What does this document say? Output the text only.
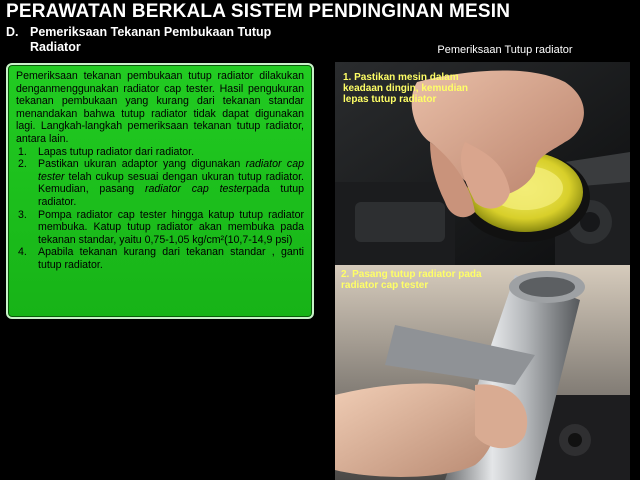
PERAWATAN BERKALA SISTEM PENDINGINAN MESIN
D. Pemeriksaan Tekanan Pembukaan Tutup Radiator	Pemeriksaan Tutup radiator

Pemeriksaan tekanan pembukaan tutup radiator dilakukan denganmenggunakan radiator cap tester. Hasil pengukuran tekanan pembukaan yang kurang dari tekanan standar menandakan bahwa tutup radiator tidak dapat digunakan lagi. Langkah-langkah pemeriksaan tekanan tutup radiator, antara lain.

1. Lapas tutup radiator dari radiator.
2. Pastikan ukuran adaptor yang digunakan radiator cap tester telah cukup sesuai dengan ukuran tutup radiator. Kemudian, pasang radiator cap testerpada tutup radiator.
3. Pompa radiator cap tester hingga katup tutup radiator membuka. Katup tutup radiator akan membuka pada tekanan standar, yaitu 0,75-1,05 kg/cm²(10,7-14,9 psi)
4. Apabila tekanan kurang dari tekanan standar , ganti tutup radiator.
1. Pastikan mesin dalam keadaan dingin, kemudian lepas tutup radiator
2. Pasang tutup radiator pada radiator cap tester
